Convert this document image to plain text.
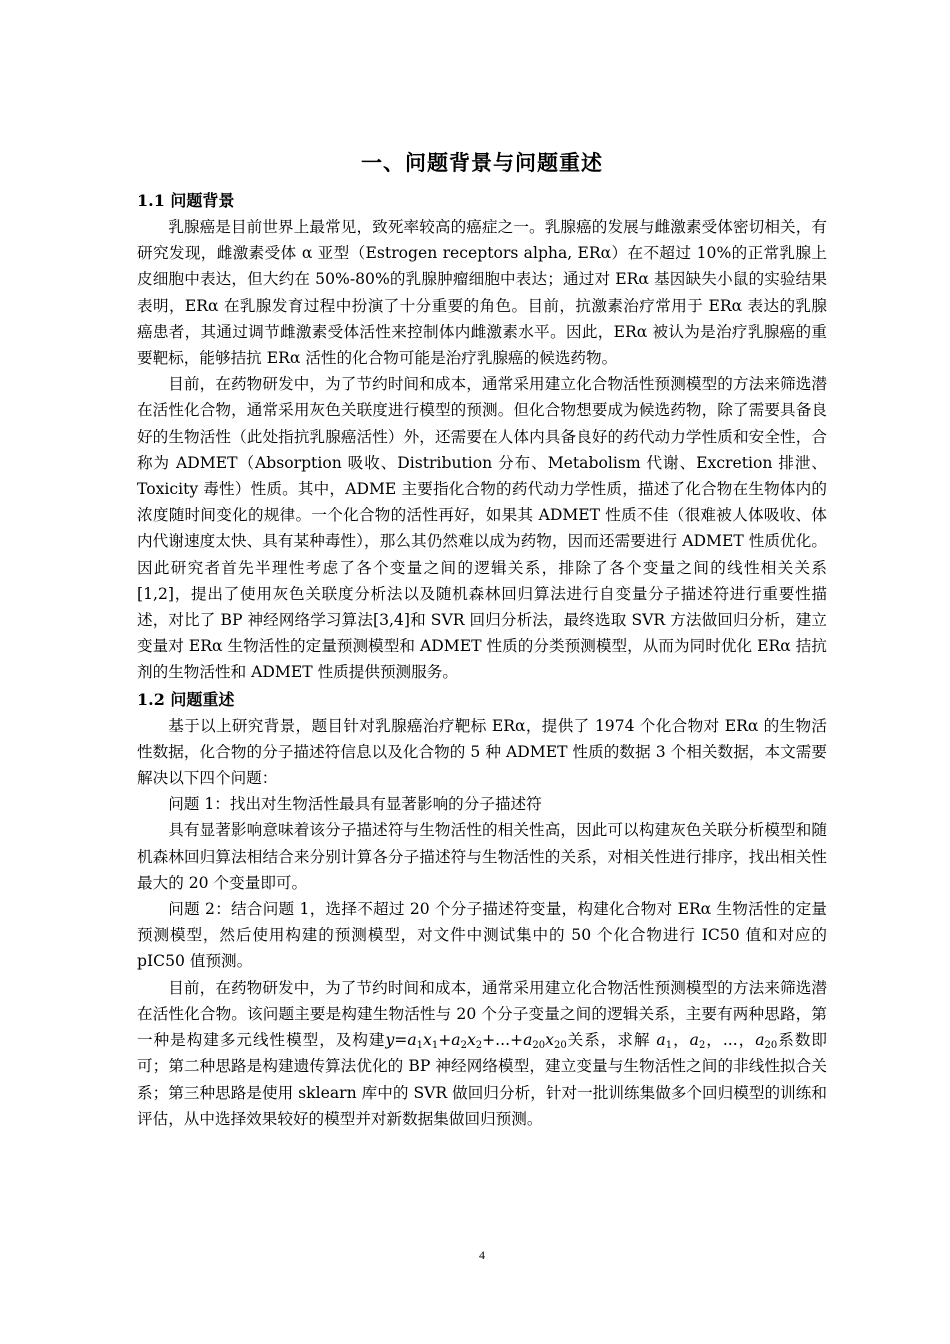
一、问题背景与问题重述

1.1 问题背景

乳腺癌是目前世界上最常见，致死率较高的癌症之一。乳腺癌的发展与雌激素受体密切相关，有研究发现，雌激素受体 α 亚型（Estrogen receptors alpha, ERα）在不超过 10%的正常乳腺上皮细胞中表达，但大约在 50%-80%的乳腺肿瘤细胞中表达；通过对 ERα 基因缺失小鼠的实验结果表明，ERα 在乳腺发育过程中扮演了十分重要的角色。目前，抗激素治疗常用于 ERα 表达的乳腺癌患者，其通过调节雌激素受体活性来控制体内雌激素水平。因此，ERα 被认为是治疗乳腺癌的重要靶标，能够拮抗 ERα 活性的化合物可能是治疗乳腺癌的候选药物。

目前，在药物研发中，为了节约时间和成本，通常采用建立化合物活性预测模型的方法来筛选潜在活性化合物，通常采用灰色关联度进行模型的预测。但化合物想要成为候选药物，除了需要具备良好的生物活性（此处指抗乳腺癌活性）外，还需要在人体内具备良好的药代动力学性质和安全性，合称为 ADMET（Absorption 吸收、Distribution 分布、Metabolism 代谢、Excretion 排泄、Toxicity 毒性）性质。其中，ADME 主要指化合物的药代动力学性质，描述了化合物在生物体内的浓度随时间变化的规律。一个化合物的活性再好，如果其 ADMET 性质不佳（很难被人体吸收、体内代谢速度太快、具有某种毒性），那么其仍然难以成为药物，因而还需要进行 ADMET 性质优化。因此研究者首先半理性考虑了各个变量之间的逻辑关系，排除了各个变量之间的线性相关关系[1,2]，提出了使用灰色关联度分析法以及随机森林回归算法进行自变量分子描述符进行重要性描述，对比了 BP 神经网络学习算法[3,4]和 SVR 回归分析法，最终选取 SVR 方法做回归分析，建立变量对 ERα 生物活性的定量预测模型和 ADMET 性质的分类预测模型，从而为同时优化 ERα 拮抗剂的生物活性和 ADMET 性质提供预测服务。

1.2 问题重述

基于以上研究背景，题目针对乳腺癌治疗靶标 ERα，提供了 1974 个化合物对 ERα 的生物活性数据，化合物的分子描述符信息以及化合物的 5 种 ADMET 性质的数据 3 个相关数据，本文需要解决以下四个问题：

问题 1：找出对生物活性最具有显著影响的分子描述符

具有显著影响意味着该分子描述符与生物活性的相关性高，因此可以构建灰色关联分析模型和随机森林回归算法相结合来分别计算各分子描述符与生物活性的关系，对相关性进行排序，找出相关性最大的 20 个变量即可。

问题 2：结合问题 1，选择不超过 20 个分子描述符变量，构建化合物对 ERα 生物活性的定量预测模型，然后使用构建的预测模型，对文件中测试集中的 50 个化合物进行 IC50 值和对应的 pIC50 值预测。

目前，在药物研发中，为了节约时间和成本，通常采用建立化合物活性预测模型的方法来筛选潜在活性化合物。该问题主要是构建生物活性与 20 个分子变量之间的逻辑关系，主要有两种思路，第一种是构建多元线性模型，及构建$y=a_1x_1+a_2x_2+...+a_{20}x_{20}$关系，求解 $a_1$，$a_2$，...，$a_{20}$系数即可；第二种思路是构建遗传算法优化的 BP 神经网络模型，建立变量与生物活性之间的非线性拟合关系；第三种思路是使用 sklearn 库中的 SVR 做回归分析，针对一批训练集做多个回归模型的训练和评估，从中选择效果较好的模型并对新数据集做回归预测。

4
